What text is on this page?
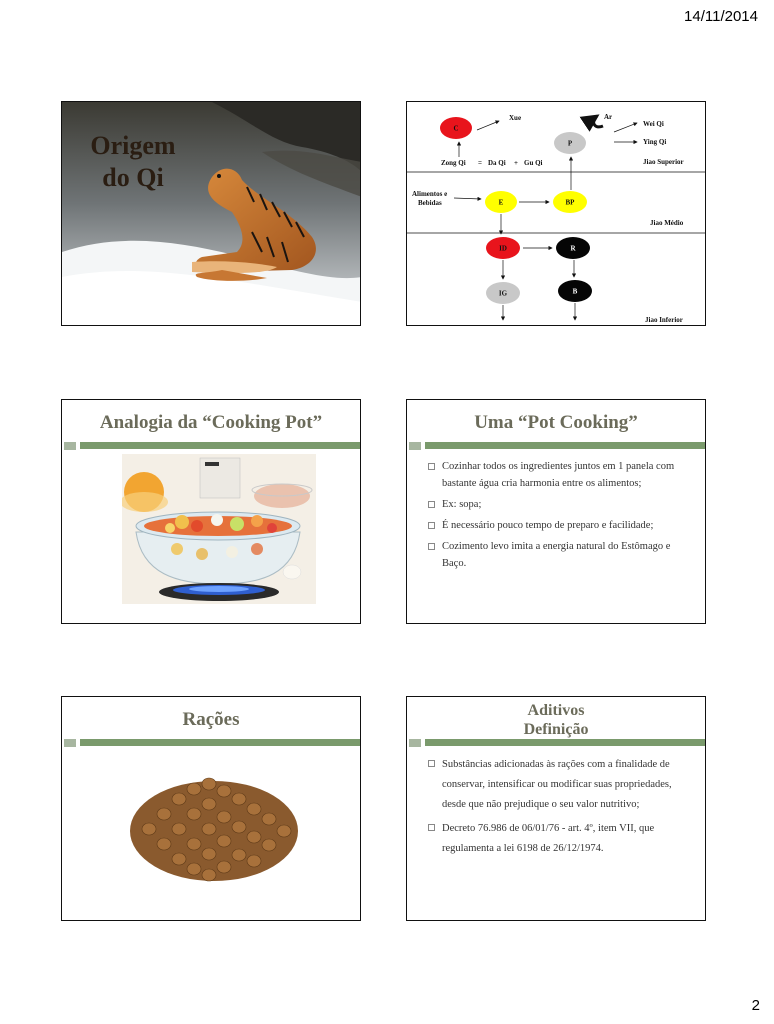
14/11/2014
Origem
do Qi
C
P
E	BP
ID	R
IG	B
Xue	Ar
Wei Qi
Ying Qi
Zong Qi = Da Qi + Gu Qi
Alimentos e
Bebidas
Jiao Superior
Jiao Médio
Jiao Inferior
Analogia da “Cooking Pot”	Uma “Pot Cooking”
Cozinhar todos os ingredientes juntos em 1 panela com bastante água cria harmonia entre os alimentos;
Ex: sopa;
É necessário pouco tempo de preparo e facilidade;
Cozimento levo imita a energia natural do Estômago e Baço.
Rações	Aditivos
Definição
Substâncias adicionadas às rações com a finalidade de conservar, intensificar ou modificar suas propriedades, desde que não prejudique o seu valor nutritivo;
Decreto 76.986 de 06/01/76 - art. 4º, item VII, que regulamenta a lei 6198 de 26/12/1974.
2
